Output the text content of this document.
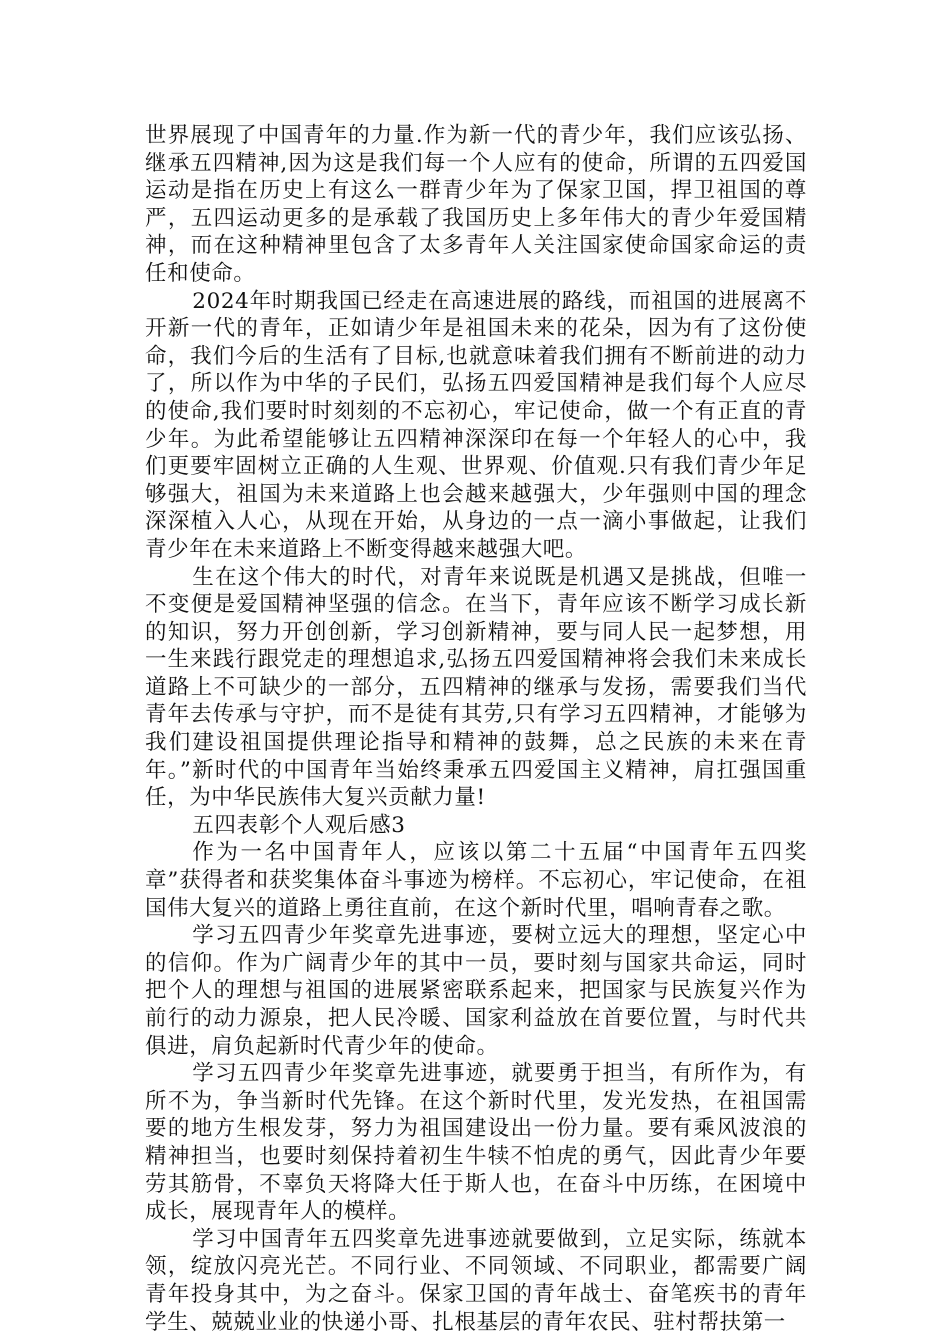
世界展现了中国青年的力量.作为新一代的青少年，我们应该弘扬、继承五四精神,因为这是我们每一个人应有的使命，所谓的五四爱国运动是指在历史上有这么一群青少年为了保家卫国，捍卫祖国的尊严，五四运动更多的是承载了我国历史上多年伟大的青少年爱国精神，而在这种精神里包含了太多青年人关注国家使命国家命运的责任和使命。

2024年时期我国已经走在高速进展的路线，而祖国的进展离不开新一代的青年，正如请少年是祖国未来的花朵，因为有了这份使命，我们今后的生活有了目标,也就意味着我们拥有不断前进的动力了，所以作为中华的子民们，弘扬五四爱国精神是我们每个人应尽的使命,我们要时时刻刻的不忘初心，牢记使命，做一个有正直的青少年。为此希望能够让五四精神深深印在每一个年轻人的心中，我们更要牢固树立正确的人生观、世界观、价值观.只有我们青少年足够强大，祖国为未来道路上也会越来越强大，少年强则中国的理念深深植入人心，从现在开始，从身边的一点一滴小事做起，让我们青少年在未来道路上不断变得越来越强大吧。

生在这个伟大的时代，对青年来说既是机遇又是挑战，但唯一不变便是爱国精神坚强的信念。在当下，青年应该不断学习成长新的知识，努力开创创新，学习创新精神，要与同人民一起梦想，用一生来践行跟党走的理想追求,弘扬五四爱国精神将会我们未来成长道路上不可缺少的一部分，五四精神的继承与发扬，需要我们当代青年去传承与守护，而不是徒有其劳,只有学习五四精神，才能够为我们建设祖国提供理论指导和精神的鼓舞，总之民族的未来在青年。”新时代的中国青年当始终秉承五四爱国主义精神，肩扛强国重任，为中华民族伟大复兴贡献力量!

五四表彰个人观后感3

作为一名中国青年人，应该以第二十五届“中国青年五四奖章”获得者和获奖集体奋斗事迹为榜样。不忘初心，牢记使命，在祖国伟大复兴的道路上勇往直前，在这个新时代里，唱响青春之歌。

学习五四青少年奖章先进事迹，要树立远大的理想，坚定心中的信仰。作为广阔青少年的其中一员，要时刻与国家共命运，同时把个人的理想与祖国的进展紧密联系起来，把国家与民族复兴作为前行的动力源泉，把人民冷暖、国家利益放在首要位置，与时代共俱进，肩负起新时代青少年的使命。

学习五四青少年奖章先进事迹，就要勇于担当，有所作为，有所不为，争当新时代先锋。在这个新时代里，发光发热，在祖国需要的地方生根发芽，努力为祖国建设出一份力量。要有乘风波浪的精神担当，也要时刻保持着初生牛犊不怕虎的勇气，因此青少年要劳其筋骨，不辜负天将降大任于斯人也，在奋斗中历练，在困境中成长，展现青年人的模样。

学习中国青年五四奖章先进事迹就要做到，立足实际，练就本领，绽放闪亮光芒。不同行业、不同领域、不同职业，都需要广阔青年投身其中，为之奋斗。保家卫国的青年战士、奋笔疾书的青年学生、兢兢业业的快递小哥、扎根基层的青年农民、驻村帮扶第一
